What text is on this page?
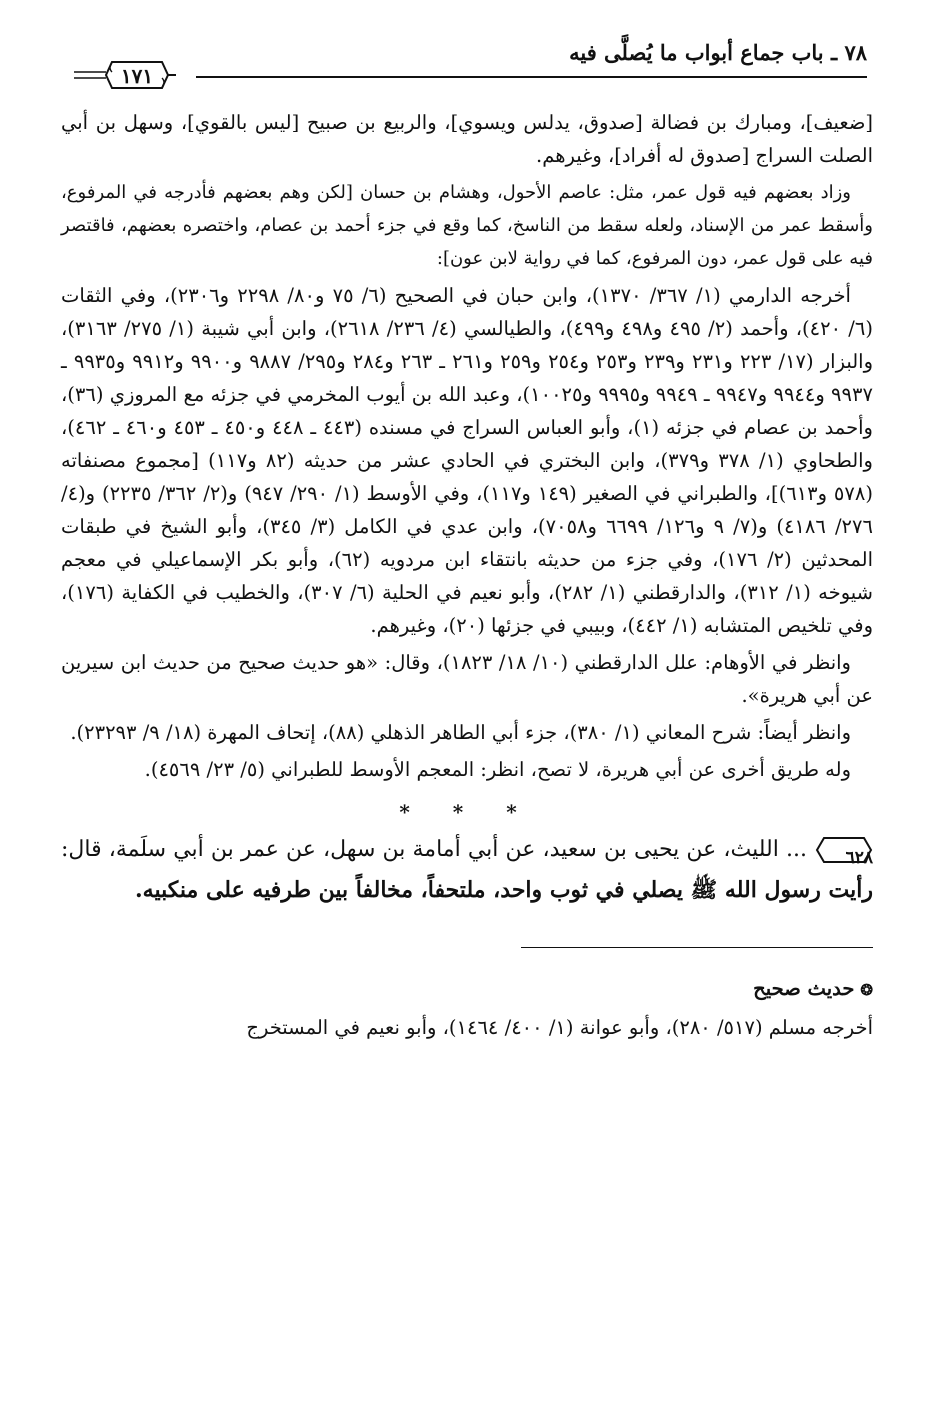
٧٨ ـ باب جماع أبواب ما يُصلَّى فيه
١٧١

[ضعيف]، ومبارك بن فضالة [صدوق، يدلس ويسوي]، والربيع بن صبيح [ليس بالقوي]، وسهل بن أبي الصلت السراج [صدوق له أفراد]، وغيرهم.

وزاد بعضهم فيه قول عمر، مثل: عاصم الأحول، وهشام بن حسان [لكن وهم بعضهم فأدرجه في المرفوع، وأسقط عمر من الإسناد، ولعله سقط من الناسخ، كما وقع في جزء أحمد بن عصام، واختصره بعضهم، فاقتصر فيه على قول عمر، دون المرفوع، كما في رواية لابن عون]:

أخرجه الدارمي (١/ ٣٦٧/ ١٣٧٠)، وابن حبان في الصحيح (٦/ ٧٥ و٨٠/ ٢٢٩٨ و٢٣٠٦)، وفي الثقات (٦/ ٤٢٠)، وأحمد (٢/ ٤٩٥ و٤٩٨ و٤٩٩)، والطيالسي (٤/ ٢٣٦/ ٢٦١٨)، وابن أبي شيبة (١/ ٢٧٥/ ٣١٦٣)، والبزار (١٧/ ٢٢٣ و٢٣١ و٢٣٩ و٢٥٣ و٢٥٤ و٢٥٩ و٢٦١ ـ ٢٦٣ و٢٨٤ و٢٩٥/ ٩٨٨٧ و٩٩٠٠ و٩٩١٢ و٩٩٣٥ ـ ٩٩٣٧ و٩٩٤٤ و٩٩٤٧ ـ ٩٩٤٩ و٩٩٩٥ و١٠٠٢٥)، وعبد الله بن أيوب المخرمي في جزئه مع المروزي (٣٦)، وأحمد بن عصام في جزئه (١)، وأبو العباس السراج في مسنده (٤٤٣ ـ ٤٤٨ و٤٥٠ ـ ٤٥٣ و٤٦٠ ـ ٤٦٢)، والطحاوي (١/ ٣٧٨ و٣٧٩)، وابن البختري في الحادي عشر من حديثه (٨٢ و١١٧) [مجموع مصنفاته (٥٧٨ و٦١٣)]، والطبراني في الصغير (١٤٩ و١١٧)، وفي الأوسط (١/ ٢٩٠/ ٩٤٧) و(٢/ ٣٦٢/ ٢٢٣٥) و(٤/ ٢٧٦/ ٤١٨٦) و(٧/ ٩ و١٢٦/ ٦٦٩٩ و٧٠٥٨)، وابن عدي في الكامل (٣/ ٣٤٥)، وأبو الشيخ في طبقات المحدثين (٢/ ١٧٦)، وفي جزء من حديثه بانتقاء ابن مردويه (٦٢)، وأبو بكر الإسماعيلي في معجم شيوخه (١/ ٣١٢)، والدارقطني (١/ ٢٨٢)، وأبو نعيم في الحلية (٦/ ٣٠٧)، والخطيب في الكفاية (١٧٦)، وفي تلخيص المتشابه (١/ ٤٤٢)، وبيبي في جزئها (٢٠)، وغيرهم.

وانظر في الأوهام: علل الدارقطني (١٠/ ١٨/ ١٨٢٣)، وقال: «هو حديث صحيح من حديث ابن سيرين عن أبي هريرة».

وانظر أيضاً: شرح المعاني (١/ ٣٨٠)، جزء أبي الطاهر الذهلي (٨٨)، إتحاف المهرة (١٨/ ٩/ ٢٣٢٩٣).

وله طريق أخرى عن أبي هريرة، لا تصح، انظر: المعجم الأوسط للطبراني (٥/ ٢٣/ ٤٥٦٩).

* * *

٦٢٨
... الليث، عن يحيى بن سعيد، عن أبي أمامة بن سهل، عن عمر بن أبي سلَمة، قال: رأيت رسول الله ﷺ يصلي في ثوب واحد، ملتحفاً، مخالفاً بين طرفيه على منكبيه.

❂حديث صحيح

أخرجه مسلم (٥١٧/ ٢٨٠)، وأبو عوانة (١/ ٤٠٠/ ١٤٦٤)، وأبو نعيم في المستخرج
